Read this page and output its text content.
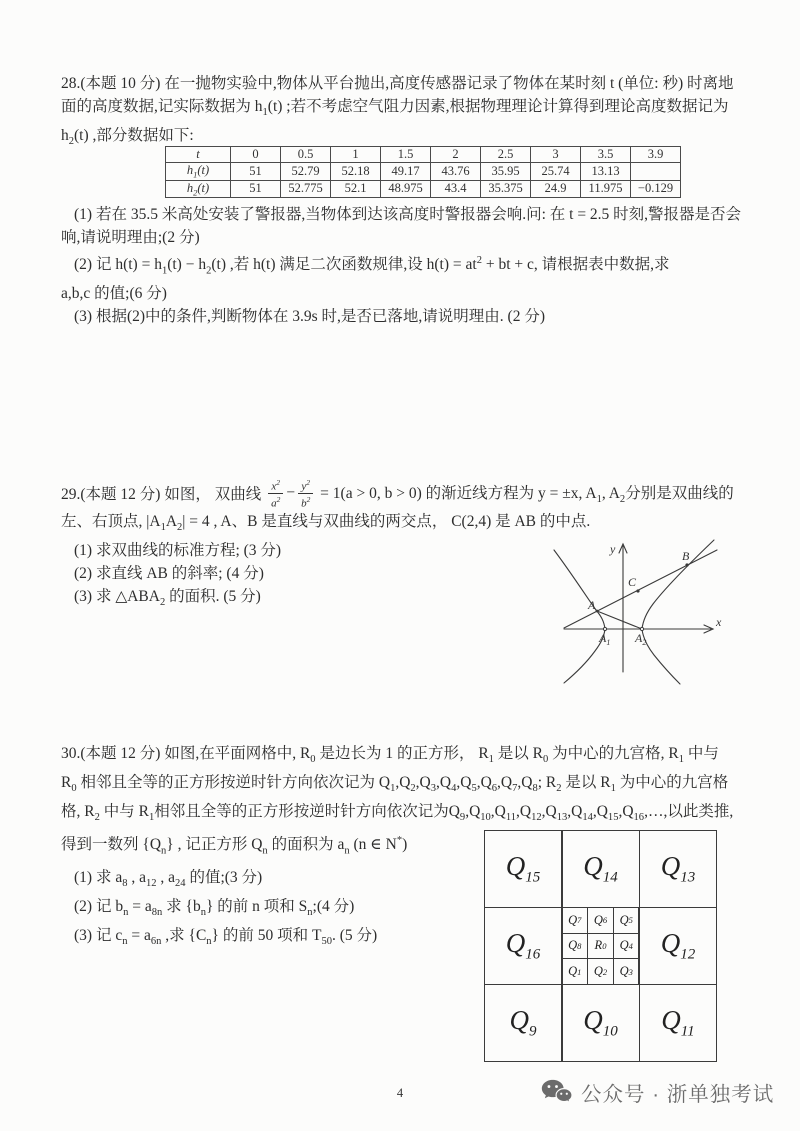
28.(本题 10 分) 在一抛物实验中,物体从平台抛出,高度传感器记录了物体在某时刻 t (单位: 秒) 时离地
面的高度数据,记实际数据为 $h_1(t)$ ;若不考虑空气阻力因素,根据物理理论计算得到理论高度数据记为
$h_2(t)$ ,部分数据如下:
t	0	0.5	1	1.5	2	2.5	3	3.5	3.9
$h_1(t)$	51	52.79	52.18	49.17	43.76	35.95	25.74	13.13	
$h_2(t)$	51	52.775	52.1	48.975	43.4	35.375	24.9	11.975	−0.129
(1) 若在 35.5 米高处安装了警报器,当物体到达该高度时警报器会响.问: 在 t = 2.5 时刻,警报器是否会
响,请说明理由;(2 分)
(2) 记 $h(t) = h_1(t) - h_2(t)$ ,若 h(t) 满足二次函数规律,设 $h(t) = at^2$ + bt + c, 请根据表中数据,求
a,b,c 的值;(6 分)
(3) 根据(2)中的条件,判断物体在 3.9s 时,是否已落地,请说明理由. (2 分)
29.(本题 12 分) 如图， 双曲线 $\frac{x^2}{a^2} - \frac{y^2}{b^2} = 1(a > 0$, b > 0) 的渐近线方程为 y = ±x, $A_1$, $A_2$分别是双曲线的
左、右顶点, $|A_1A_2| = 4$ , A、B 是直线与双曲线的两交点， C(2,4) 是 AB 的中点.
(1) 求双曲线的标准方程; (3 分)
(2) 求直线 AB 的斜率; (4 分)
(3) 求 $\triangle ABA_2$ 的面积. (5 分)
y
x
A
B
C
$A_1$ $A_2$
30.(本题 12 分) 如图,在平面网格中, $R_0$ 是边长为 1 的正方形， $R_1$ 是以 $R_0$ 为中心的九宫格, $R_1$ 中与
$R_0$ 相邻且全等的正方形按逆时针方向依次记为 $Q_1,Q_2,Q_3,Q_4,Q_5,Q_6,Q_7,Q_8$; $R_2$ 是以 $R_1$ 为中心的九宫格
格, $R_2$ 中与 $R_1$相邻且全等的正方形按逆时针方向依次记为$Q_9,Q_{10},Q_{11},Q_{12},Q_{13},Q_{14},Q_{15},Q_{16},\dots$,以此类推,
得到一数列 $\{Q_n\}$ , 记正方形 $Q_n$ 的面积为 $a_n$ (n ∈ N*)
(1) 求 $a_8$ , $a_{12}$ , $a_{24}$ 的值;(3 分)
(2) 记 $b_n = a_{8n}$ 求 $\{b_n\}$ 的前 n 项和 $S_n;(4$ 分)
(3) 记 $c_n = a_{6n}$ ,求 $\{C_n\}$ 的前 50 项和 $T_{50}$. (5 分)
$Q_{15}$ $Q_{14}$ $Q_{13}$
$Q_{16}$
Q 7 Q 6 Q 5
Q 8	R 0	Q 4
Q 1 Q 2 Q 3
$Q_{12}$
$Q_9$ $Q_{10}$ $Q_{11}$
4	公众号 · 浙单独考试
